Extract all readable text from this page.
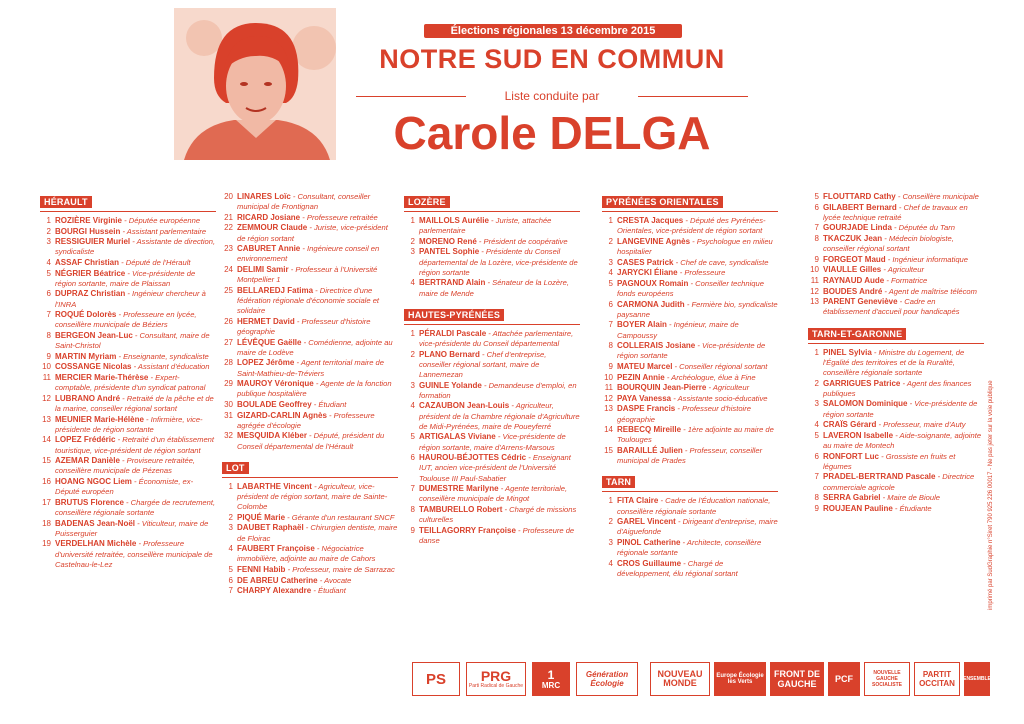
Élections régionales 13 décembre 2015
NOTRE SUD EN COMMUN
Liste conduite par
Carole DELGA
HÉRAULT
1 ROZIÈRE Virginie - Députée européenne
2 BOURGI Hussein - Assistant parlementaire
3 RESSIGUIER Muriel - Assistante de direction, syndicaliste
4 ASSAF Christian - Député de l'Hérault
5 NÉGRIER Béatrice - Vice-présidente de région sortante, maire de Plaissan
6 DUPRAZ Christian - Ingénieur chercheur à l'INRA
7 ROQUÉ Dolorès - Professeure en lycée, conseillère municipale de Béziers
8 BERGEON Jean-Luc - Consultant, maire de Saint-Christol
9 MARTIN Myriam - Enseignante, syndicaliste
10 COSSANGE Nicolas - Assistant d'éducation
11 MERCIER Marie-Thérèse - Expert-comptable, présidente d'un syndicat patronal
12 LUBRANO André - Retraité de la pêche et de la marine, conseiller régional sortant
13 MEUNIER Marie-Hélène - Infirmière, vice-présidente de région sortante
14 LOPEZ Frédéric - Retraité d'un établissement touristique, vice-président de région sortant
15 AZEMAR Danièle - Proviseure retraitée, conseillère municipale de Pézenas
16 HOANG NGOC Liem - Économiste, ex-Député européen
17 BRUTUS Florence - Chargée de recrutement, conseillère régionale sortante
18 BADENAS Jean-Noël - Viticulteur, maire de Puisserguier
19 VERDELHAN Michèle - Professeure d'université retraitée, conseillère municipale de Castelnau-le-Lez
20 LINARES Loïc - Consultant, conseiller municipal de Frontignan
21 RICARD Josiane - Professeure retraitée
22 ZEMMOUR Claude - Juriste, vice-président de région sortant
23 CABURET Annie - Ingénieure conseil en environnement
24 DELIMI Samir - Professeur à l'Université Montpellier 1
25 BELLAREDJ Fatima - Directrice d'une fédération régionale d'économie sociale et solidaire
26 HERMET David - Professeur d'histoire géographie
27 LÉVÊQUE Gaëlle - Comédienne, adjointe au maire de Lodève
28 LOPEZ Jérôme - Agent territorial maire de Saint-Mathieu-de-Tréviers
29 MAUROY Véronique - Agente de la fonction publique hospitalière
30 BOULADE Geoffrey - Étudiant
31 GIZARD-CARLIN Agnès - Professeure agrégée d'écologie
32 MESQUIDA Kléber - Député, président du Conseil départemental de l'Hérault
LOT
1 LABARTHE Vincent - Agriculteur, vice-président de région sortant, maire de Sainte-Colombe
2 PIQUÉ Marie - Gérante d'un restaurant SNCF
3 DAUBET Raphaël - Chirurgien dentiste, maire de Floirac
4 FAUBERT Françoise - Négociatrice immobilière, adjointe au maire de Cahors
5 FENNI Habib - Professeur, maire de Sarrazac
6 DE ABREU Catherine - Avocate
7 CHARPY Alexandre - Étudiant
LOZÈRE
1 MAILLOLS Aurélie - Juriste, attachée parlementaire
2 MORENO René - Président de coopérative
3 PANTEL Sophie - Présidente du Conseil départemental de la Lozère, vice-présidente de région sortante
4 BERTRAND Alain - Sénateur de la Lozère, maire de Mende
HAUTES-PYRÉNÉES
1 PÉRALDI Pascale - Attachée parlementaire, vice-présidente du Conseil départemental
2 PLANO Bernard - Chef d'entreprise, conseiller régional sortant, maire de Lannemezan
3 GUINLE Yolande - Demandeuse d'emploi, en formation
4 CAZAUBON Jean-Louis - Agriculteur, président de la Chambre régionale d'Agriculture de Midi-Pyrénées, maire de Poueyferré
5 ARTIGALAS Viviane - Vice-présidente de région sortante, maire d'Arrens-Marsous
6 HAUROU-BÉJOTTES Cédric - Enseignant IUT, ancien vice-président de l'Université Toulouse III Paul-Sabatier
7 DUMESTRE Marilyne - Agente territoriale, conseillère municipale de Mingot
8 TAMBURELLO Robert - Chargé de missions culturelles
9 TEILLAGORRY Françoise - Professeure de danse
PYRÉNÉES ORIENTALES
1 CRESTA Jacques - Député des Pyrénées-Orientales, vice-président de région sortant
2 LANGEVINE Agnès - Psychologue en milieu hospitalier
3 CASES Patrick - Chef de cave, syndicaliste
4 JARYCKI Éliane - Professeure
5 PAGNOUX Romain - Conseiller technique fonds européens
6 CARMONA Judith - Fermière bio, syndicaliste paysanne
7 BOYER Alain - Ingénieur, maire de Campoussy
8 COLLERAIS Josiane - Vice-présidente de région sortante
9 MATEU Marcel - Conseiller régional sortant
10 PEZIN Annie - Archéologue, élue à Fine
11 BOURQUIN Jean-Pierre - Agriculteur
12 PAYA Vanessa - Assistante socio-éducative
13 DASPE Francis - Professeur d'histoire géographie
14 REBECQ Mireille - 1ère adjointe au maire de Toulouges
15 BARAILLÉ Julien - Professeur, conseiller municipal de Prades
TARN
1 FITA Claire - Cadre de l'Éducation nationale, conseillère régionale sortante
2 GAREL Vincent - Dirigeant d'entreprise, maire d'Aiguefonde
3 PINOL Catherine - Architecte, conseillère régionale sortante
4 CROS Guillaume - Chargé de développement, élu régional sortant
5 FLOUTTARD Cathy - Conseillère municipale
6 GILABERT Bernard - Chef de travaux en lycée technique retraité
7 GOURJADE Linda - Députée du Tarn
8 TKACZUK Jean - Médecin biologiste, conseiller régional sortant
9 FORGEOT Maud - Ingénieur informatique
10 VIAULLE Gilles - Agriculteur
11 RAYNAUD Aude - Formatrice
12 BOUDES André - Agent de maîtrise télécom
13 PARENT Geneviève - Cadre en établissement d'accueil pour handicapés
TARN-ET-GARONNE
1 PINEL Sylvia - Ministre du Logement, de l'Égalité des territoires et de la Ruralité, conseillère régionale sortante
2 GARRIGUES Patrice - Agent des finances publiques
3 SALOMON Dominique - Vice-présidente de région sortante
4 CRAÏS Gérard - Professeur, maire d'Auty
5 LAVERON Isabelle - Aide-soignante, adjointe au maire de Montech
6 RONFORT Luc - Grossiste en fruits et légumes
7 PRADEL-BERTRAND Pascale - Directrice commerciale agricole
8 SERRA Gabriel - Maire de Bioule
9 ROUJEAN Pauline - Étudiante	imprimé par SudGraphie n°Siret 790 925 226 00017 - Ne pas jeter sur la voie publique
PS PRG
Parti Radical de Gauche
1
MRC
Génération Écologie
NOUVEAU MONDE
Europe Écologie les Verts
FRONT DE GAUCHE	PCF
NOUVELLE GAUCHE SOCIALISTE
PARTIT OCCITAN	ENSEMBLE
